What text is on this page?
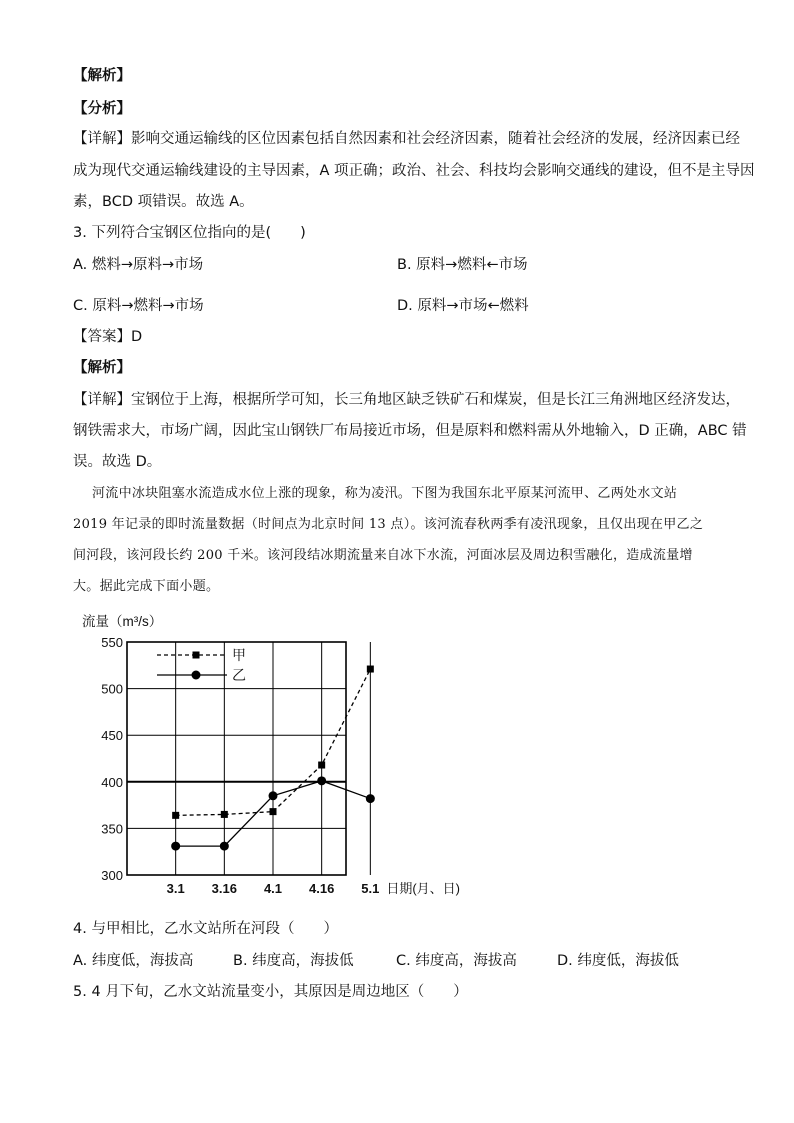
【解析】
【分析】
【详解】影响交通运输线的区位因素包括自然因素和社会经济因素，随着社会经济的发展，经济因素已经
成为现代交通运输线建设的主导因素，A 项正确；政治、社会、科技均会影响交通线的建设，但不是主导因
素，BCD 项错误。故选 A。
3. 下列符合宝钢区位指向的是(　　)
A. 燃料→原料→市场	B. 原料→燃料←市场
C. 原料→燃料→市场	D. 原料→市场←燃料
【答案】D
【解析】
【详解】宝钢位于上海，根据所学可知，长三角地区缺乏铁矿石和煤炭，但是长江三角洲地区经济发达，
钢铁需求大，市场广阔，因此宝山钢铁厂布局接近市场，但是原料和燃料需从外地输入，D 正确，ABC 错
误。故选 D。
河流中冰块阻塞水流造成水位上涨的现象，称为凌汛。下图为我国东北平原某河流甲、乙两处水文站
2019 年记录的即时流量数据（时间点为北京时间 13 点）。该河流春秋两季有凌汛现象，且仅出现在甲乙之
间河段，该河段长约 200 千米。该河段结冰期流量来自冰下水流，河面冰层及周边积雪融化，造成流量增
大。据此完成下面小题。
300
350
400
450
500
550
3.1 3.16 4.1 4.16 5.1
流量（m³/s）
日期(月、日)
甲
乙
4. 与甲相比，乙水文站所在河段（　　）
A. 纬度低，海拔高	B. 纬度高，海拔低	C. 纬度高，海拔高	D. 纬度低，海拔低
5. 4 月下旬，乙水文站流量变小，其原因是周边地区（　　）
